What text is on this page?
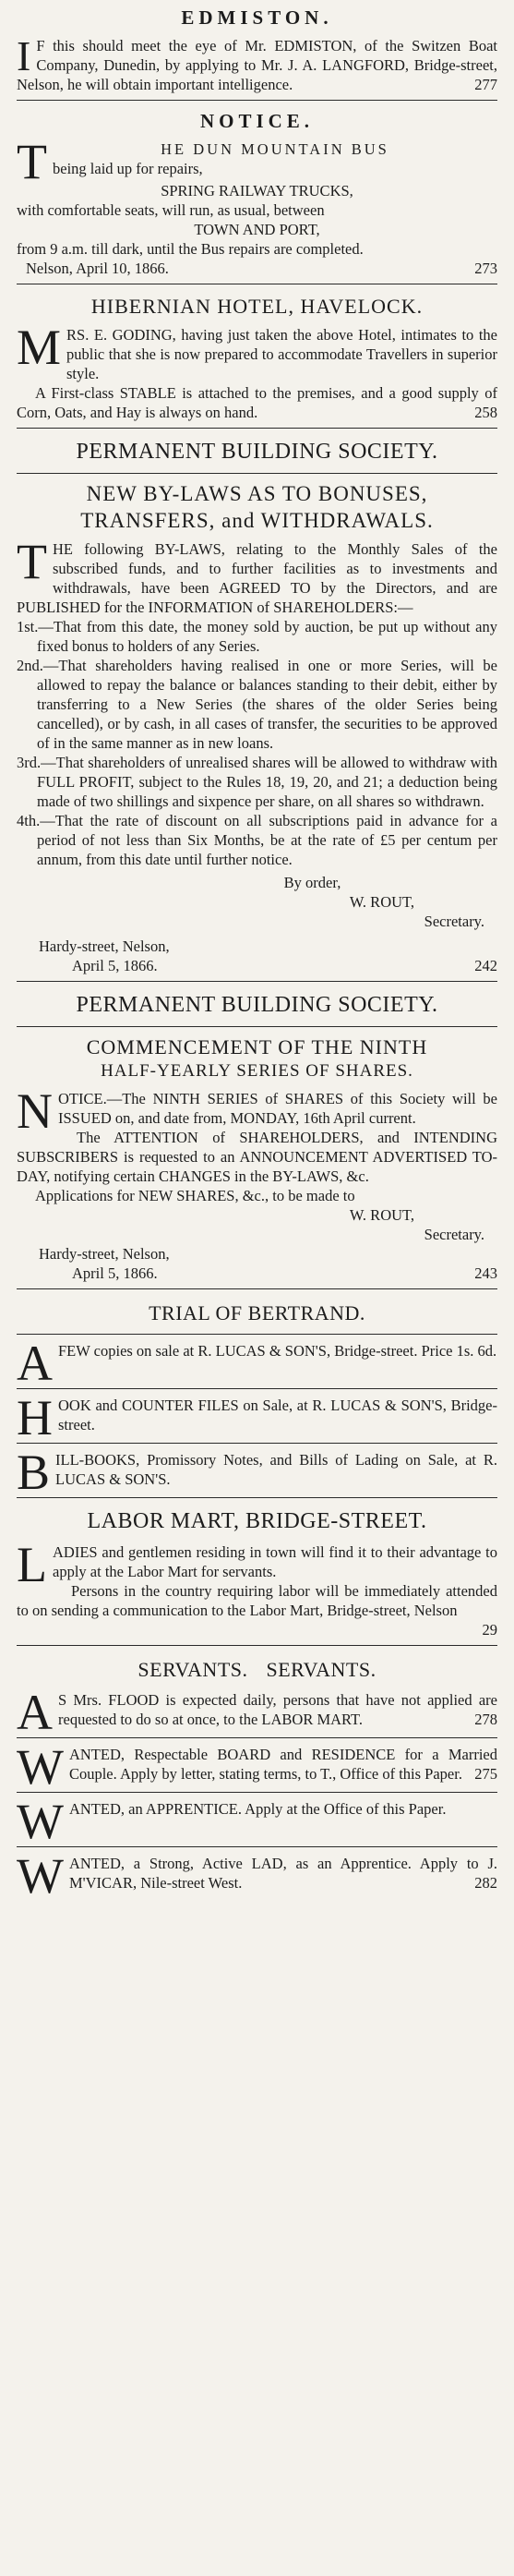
EDMISTON.

I F this should meet the eye of Mr. EDMISTON, of the Switzen Boat Company, Dunedin, by applying to Mr. J. A. LANGFORD, Bridge-street, Nelson, he will obtain important intelligence.	277

NOTICE.
T	HE DUN MOUNTAIN BUS
being laid up for repairs,
SPRING RAILWAY TRUCKS,
with comfortable seats, will run, as usual, between
TOWN AND PORT,
from 9 a.m. till dark, until the Bus repairs are completed.
Nelson, April 10, 1866.	273
HIBERNIAN HOTEL, HAVELOCK.

M RS. E. GODING, having just taken the above Hotel, intimates to the public that she is now prepared to accommodate Travellers in superior style.

A First-class STABLE is attached to the premises, and a good supply of Corn, Oats, and Hay is always on hand.	258

PERMANENT BUILDING SOCIETY.
NEW BY-LAWS AS TO BONUSES,
TRANSFERS, and WITHDRAWALS.

T HE following BY-LAWS, relating to the Monthly Sales of the subscribed funds, and to further facilities as to investments and withdrawals, have been AGREED TO by the Directors, and are PUBLISHED for the INFORMATION of SHAREHOLDERS:—

1st.—That from this date, the money sold by auction, be put up without any fixed bonus to holders of any Series.

2nd.—That shareholders having realised in one or more Series, will be allowed to repay the balance or balances standing to their debit, either by transferring to a New Series (the shares of the older Series being cancelled), or by cash, in all cases of transfer, the securities to be approved of in the same manner as in new loans.

3rd.—That shareholders of unrealised shares will be allowed to withdraw with FULL PROFIT, subject to the Rules 18, 19, 20, and 21; a deduction being made of two shillings and sixpence per share, on all shares so withdrawn.

4th.—That the rate of discount on all subscriptions paid in advance for a period of not less than Six Months, be at the rate of £5 per centum per annum, from this date until further notice.

By order,
W. ROUT,
Secretary.
Hardy-street, Nelson,
April 5, 1866.	242
PERMANENT BUILDING SOCIETY.
COMMENCEMENT OF THE NINTH
HALF-YEARLY SERIES OF SHARES.

N OTICE.—The NINTH SERIES of SHARES of this Society will be ISSUED on, and date from, MONDAY, 16th April current.

The ATTENTION of SHAREHOLDERS, and INTENDING SUBSCRIBERS is requested to an ANNOUNCEMENT ADVERTISED TO-DAY, notifying certain CHANGES in the BY-LAWS, &c.

Applications for NEW SHARES, &c., to be made to

W. ROUT,
Secretary.
Hardy-street, Nelson,
April 5, 1866.	243
TRIAL OF BERTRAND.

A FEW copies on sale at R. LUCAS & SON'S, Bridge-street. Price 1s. 6d.

H OOK and COUNTER FILES on Sale, at R. LUCAS & SON'S, Bridge-street.

B ILL-BOOKS, Promissory Notes, and Bills of Lading on Sale, at R. LUCAS & SON'S.

LABOR MART, BRIDGE-STREET.

L ADIES and gentlemen residing in town will find it to their advantage to apply at the Labor Mart for servants.

Persons in the country requiring labor will be immediately attended to on sending a communication to the Labor Mart, Bridge-street, Nelson
29

SERVANTS. SERVANTS.

A S Mrs. FLOOD is expected daily, persons that have not applied are requested to do so at once, to the LABOR MART.	278

W ANTED, Respectable BOARD and RESIDENCE for a Married Couple. Apply by letter, stating terms, to T., Office of this Paper. 275

W ANTED, an APPRENTICE. Apply at the Office of this Paper.

W ANTED, a Strong, Active LAD, as an Apprentice. Apply to J. M'VICAR, Nile-street West.	282
